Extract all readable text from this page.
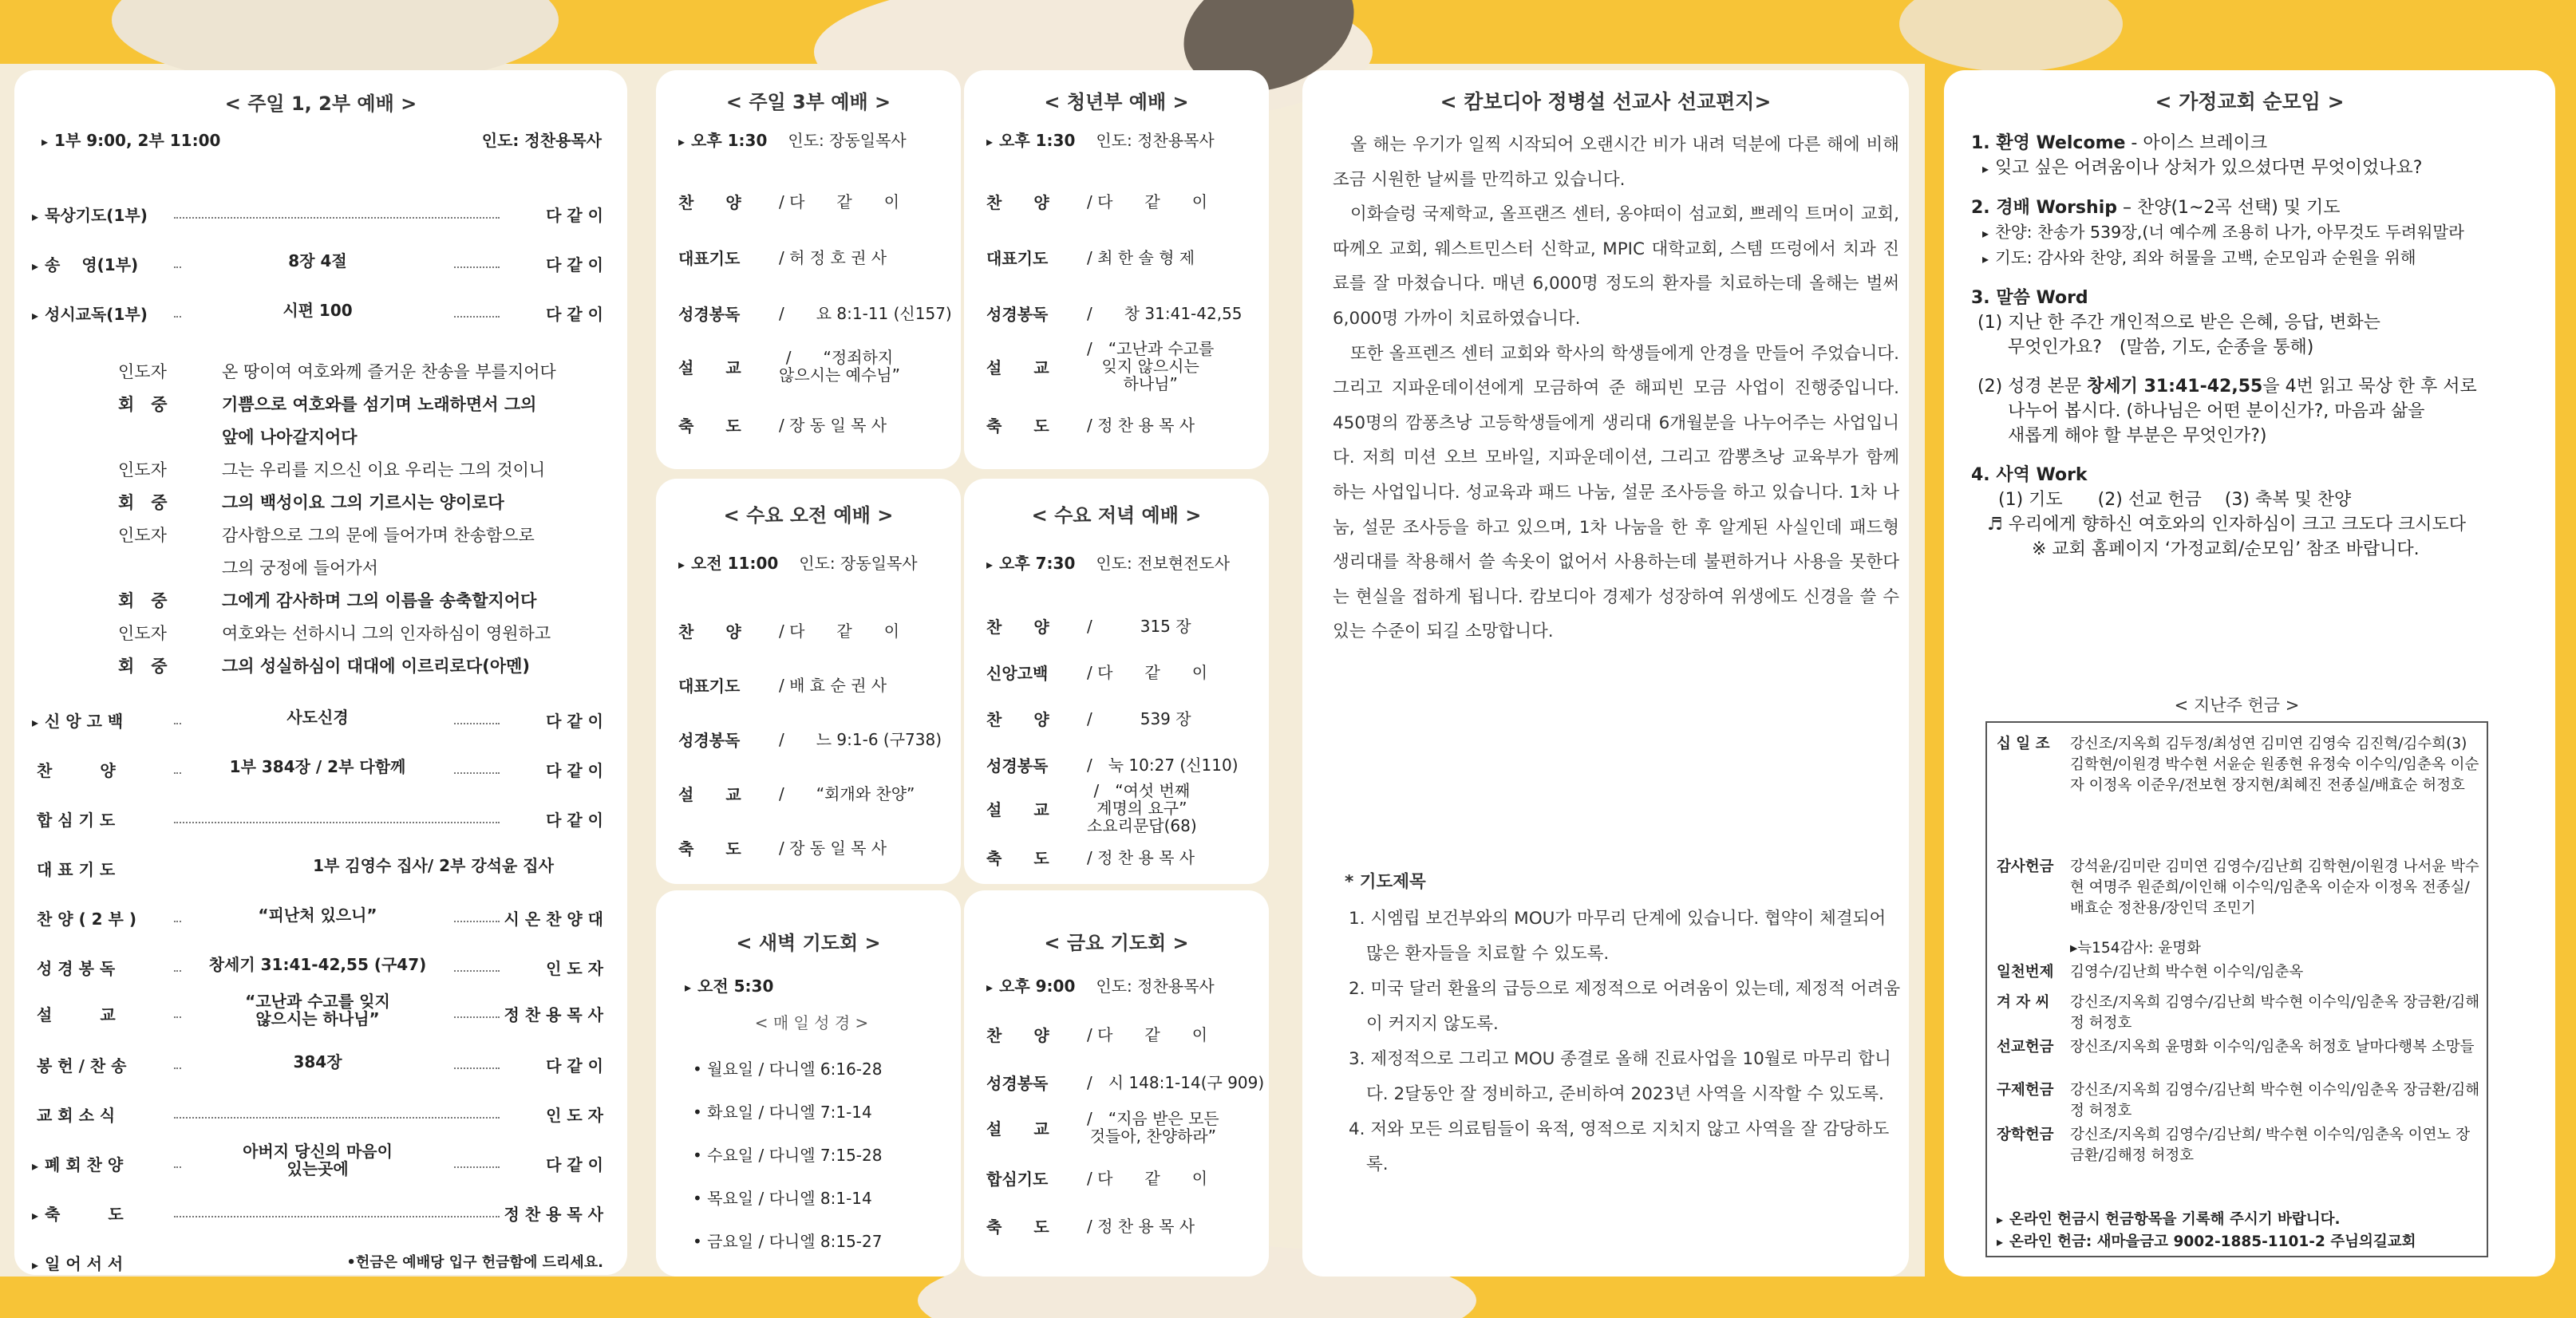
< 주일 1, 2부 예배 >
▸ 1부 9:00, 2부 11:00	인도: 정찬용목사
▸ 묵상기도(1부)	다 같 이
▸ 송　 영(1부)	8장 4절	다 같 이
▸ 성시교독(1부)	시편 100	다 같 이
인도자	온 땅이여 여호와께 즐거운 찬송을 부를지어다
회　중	기쁨으로 여호와를 섬기며 노래하면서 그의
앞에 나아갈지어다
인도자	그는 우리를 지으신 이요 우리는 그의 것이니
회　중	그의 백성이요 그의 기르시는 양이로다
인도자	감사함으로 그의 문에 들어가며 찬송함으로
그의 궁정에 들어가서
회　중	그에게 감사하며 그의 이름을 송축할지어다
인도자	여호와는 선하시니 그의 인자하심이 영원하고
회　중	그의 성실하심이 대대에 이르리로다(아멘)
▸ 신 앙 고 백	사도신경	다 같 이
찬　　　양	1부 384장 / 2부 다함께	다 같 이
합 심 기 도	다 같 이
대 표 기 도	1부 김영수 집사/ 2부 강석윤 집사
찬 양 ( 2 부 )	“피난처 있으니”	시 온 찬 양 대
성 경 봉 독	창세기 31:41-42,55 (구47)	인 도 자
설　　　교
“고난과 수고를 잊지
않으시는 하나님”	정 찬 용 목 사
봉 헌 / 찬 송	384장	다 같 이
교 회 소 식	인 도 자
▸ 폐 회 찬 양
아버지 당신의 마음이
있는곳에	다 같 이
▸ 축　　　도	정 찬 용 목 사
▸ 일 어 서 서	•헌금은 예배당 입구 헌금함에 드리세요.
< 주일 3부 예배 >
▸ 오후 1:30 인도: 장동일목사
찬　　양 / 다　　같　　이
대표기도 / 허 정 호 권 사
성경봉독 /　　요 8:1-11 (신157)
설　　교/　　“정죄하지
않으시는 예수님”
축　　도 / 장 동 일 목 사
< 청년부 예배 >
▸ 오후 1:30 인도: 정찬용목사
찬　　양 / 다　　같　　이
대표기도 / 최 한 솔 형 제
성경봉독 /　　창 31:41-42,55
설　　교/　“고난과 수고를
잊지 않으시는
하나님”
축　　도 / 정 찬 용 목 사
< 수요 오전 예배 >
▸ 오전 11:00 인도: 장동일목사
찬　　양 / 다　　같　　이
대표기도 / 배 효 순 권 사
성경봉독 /　　느 9:1-6 (구738)
설　　교 /　　“회개와 찬양”
축　　도 / 장 동 일 목 사
< 수요 저녁 예배 >
▸ 오후 7:30 인도: 전보현전도사
찬　　양 /　　　315 장
신앙고백 / 다　　같　　이
찬　　양 /　　　539 장
성경봉독 /　눅 10:27 (신110)
설　　교/　“여섯 번째
계명의 요구”
소요리문답(68)
축　　도 / 정 찬 용 목 사
< 새벽 기도회 >
▸ 오전 5:30
< 매 일 성 경 >
• 월요일 / 다니엘 6:16-28
• 화요일 / 다니엘 7:1-14
• 수요일 / 다니엘 7:15-28
• 목요일 / 다니엘 8:1-14
• 금요일 / 다니엘 8:15-27
< 금요 기도회 >
▸ 오후 9:00 인도: 정찬용목사
찬　　양 / 다　　같　　이
성경봉독 /　시 148:1-14(구 909)
설　　교/　“지음 받은 모든
것들아, 찬양하라”
합심기도 / 다　　같　　이
축　　도 / 정 찬 용 목 사
< 캄보디아 정병설 선교사 선교편지>

올 해는 우기가 일찍 시작되어 오랜시간 비가 내려 덕분에 다른 해에 비해 조금 시원한 날씨를 만끽하고 있습니다.

이화슬렁 국제학교, 올프랜즈 센터, 옹야떠이 섬교회, 쁘레익 트머이 교회, 따께오 교회, 웨스트민스터 신학교, MPIC 대학교회, 스템 뜨렁에서 치과 진료를 잘 마쳤습니다. 매년 6,000명 정도의 환자를 치료하는데 올해는 벌써 6,000명 가까이 치료하였습니다.

또한 올프렌즈 센터 교회와 학사의 학생들에게 안경을 만들어 주었습니다. 그리고 지파운데이션에게 모금하여 준 해피빈 모금 사업이 진행중입니다. 450명의 깜퐁츠낭 고등학생들에게 생리대 6개월분을 나누어주는 사업입니다. 저희 미션 오브 모바일, 지파운데이션, 그리고 깜뽕츠낭 교육부가 함께 하는 사업입니다. 성교육과 패드 나눔, 설문 조사등을 하고 있습니다. 1차 나눔, 설문 조사등을 하고 있으며, 1차 나눔을 한 후 알게된 사실인데 패드형 생리대를 착용해서 쓸 속옷이 없어서 사용하는데 불편하거나 사용을 못한다는 현실을 접하게 됩니다. 캄보디아 경제가 성장하여 위생에도 신경을 쓸 수 있는 수준이 되길 소망합니다.

* 기도제목
1. 시엠립 보건부와의 MOU가 마무리 단계에 있습니다. 협약이 체결되어 많은 환자들을 치료할 수 있도록.
2. 미국 달러 환율의 급등으로 제정적으로 어려움이 있는데, 제정적 어려움이 커지지 않도록.
3. 제정적으로 그리고 MOU 종결로 올해 진료사업을 10월로 마무리 합니다. 2달동안 잘 정비하고, 준비하여 2023년 사역을 시작할 수 있도록.
4. 저와 모든 의료팀들이 육적, 영적으로 지치지 않고 사역을 잘 감당하도록.
< 가정교회 순모임 >
1. 환영 Welcome - 아이스 브레이크
▸ 잊고 싶은 어려움이나 상처가 있으셨다면 무엇이었나요?
2. 경배 Worship – 찬양(1~2곡 선택) 및 기도
▸ 찬양: 찬송가 539장,(너 예수께 조용히 나가, 아무것도 두려워말라
▸ 기도: 감사와 찬양, 죄와 허물을 고백, 순모임과 순원을 위해
3. 말씀 Word
(1) 지난 한 주간 개인적으로 받은 은혜, 응답, 변화는
무엇인가요?　(말씀, 기도, 순종을 통해)
(2) 성경 본문 창세기 31:41-42,55을 4번 읽고 묵상 한 후 서로
나누어 봅시다. (하나님은 어떤 분이신가?, 마음과 삶을
새롭게 해야 할 부분은 무엇인가?)
4. 사역 Work
(1) 기도　　(2) 선교 헌금　 (3) 축복 및 찬양
♬ 우리에게 향하신 여호와의 인자하심이 크고 크도다 크시도다
※ 교회 홈페이지 ‘가정교회/순모임’ 참조 바랍니다.
< 지난주 헌금 >
십 일 조	강신조/지옥희 김두정/최성연 김미연 김영숙 김진혁/김수희(3) 김학현/이원경 박수현 서윤순 원종현 유정숙 이수익/임춘옥 이순자 이정옥 이준우/전보현 장지현/최혜진 전종실/배효순 허정호
감사헌금	강석윤/김미란 김미연 김영수/김난희 김학현/이원경 나서윤 박수현 여명주 원준희/이인해 이수익/임춘옥 이순자 이정옥 전종실/배효순 정찬용/장인덕 조민기
▸늑154감사: 윤명화
일천번제	김영수/김난희 박수현 이수익/임춘옥
겨 자 씨	강신조/지옥희 김영수/김난희 박수현 이수익/임춘옥 장금환/김해정 허정호
선교헌금	장신조/지옥희 윤명화 이수익/임춘옥 허정호 날마다행복 소망들
구제헌금	강신조/지옥희 김영수/김난희 박수현 이수익/임춘옥 장금환/김해정 허정호
장학헌금	강신조/지옥희 김영수/김난희/ 박수현 이수익/임춘옥 이연노 장금환/김해정 허정호
▸ 온라인 헌금시 헌금항목을 기록해 주시기 바랍니다.
▸ 온라인 헌금: 새마을금고 9002-1885-1101-2 주님의길교회
